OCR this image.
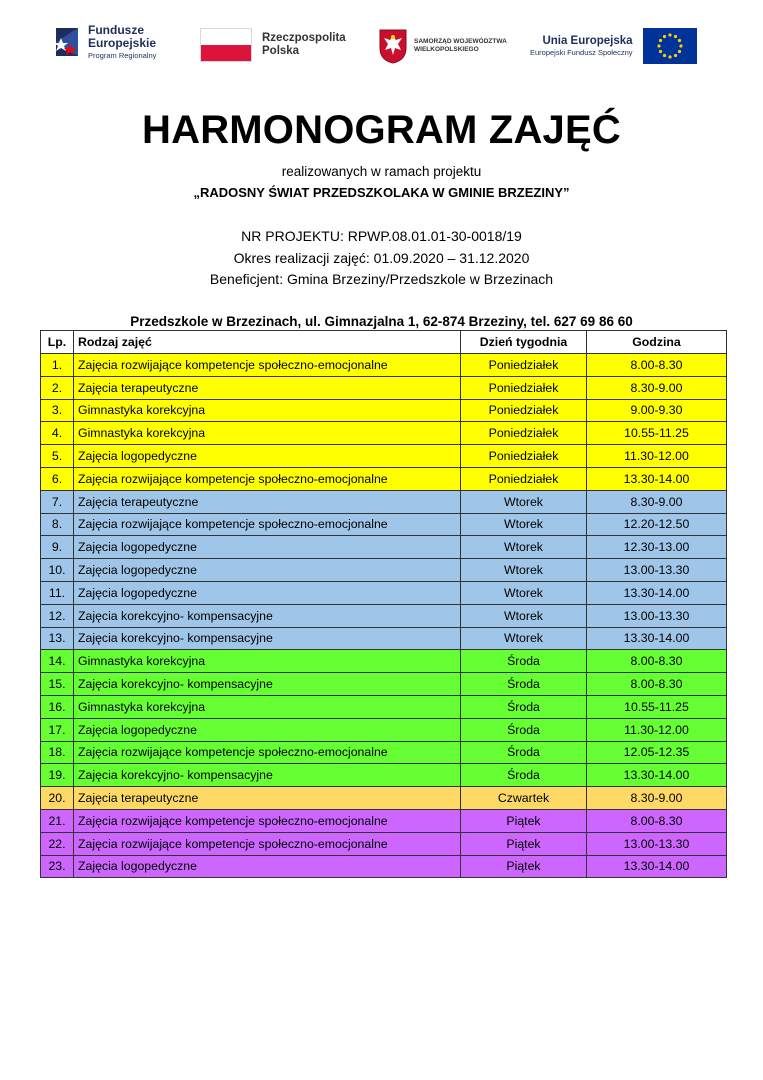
Fundusze
Europejskie
Program Regionalny
Rzeczpospolita
Polska
SAMORZĄD WOJEWÓDZTWA
WIELKOPOLSKIEGO
Unia Europejska
Europejski Fundusz Społeczny
HARMONOGRAM ZAJĘĆ
realizowanych w ramach projektu
„RADOSNY ŚWIAT PRZEDSZKOLAKA W GMINIE BRZEZINY”
NR PROJEKTU: RPWP.08.01.01-30-0018/19
Okres realizacji zajęć: 01.09.2020 – 31.12.2020
Beneficjent: Gmina Brzeziny/Przedszkole w Brzezinach
Przedszkole w Brzezinach, ul. Gimnazjalna 1, 62-874 Brzeziny, tel. 627 69 86 60
Lp.	Rodzaj zajęć	Dzień tygodnia	Godzina
1.	Zajęcia rozwijające kompetencje społeczno-emocjonalne	Poniedziałek	8.00-8.30
2.	Zajęcia terapeutyczne	Poniedziałek	8.30-9.00
3.	Gimnastyka korekcyjna	Poniedziałek	9.00-9.30
4.	Gimnastyka korekcyjna	Poniedziałek	10.55-11.25
5.	Zajęcia logopedyczne	Poniedziałek	11.30-12.00
6.	Zajęcia rozwijające kompetencje społeczno-emocjonalne	Poniedziałek	13.30-14.00
7.	Zajęcia terapeutyczne	Wtorek	8.30-9.00
8.	Zajęcia rozwijające kompetencje społeczno-emocjonalne	Wtorek	12.20-12.50
9.	Zajęcia logopedyczne	Wtorek	12.30-13.00
10.	Zajęcia logopedyczne	Wtorek	13.00-13.30
11.	Zajęcia logopedyczne	Wtorek	13.30-14.00
12.	Zajęcia korekcyjno- kompensacyjne	Wtorek	13.00-13.30
13.	Zajęcia korekcyjno- kompensacyjne	Wtorek	13.30-14.00
14.	Gimnastyka korekcyjna	Środa	8.00-8.30
15.	Zajęcia korekcyjno- kompensacyjne	Środa	8.00-8.30
16.	Gimnastyka korekcyjna	Środa	10.55-11.25
17.	Zajęcia logopedyczne	Środa	11.30-12.00
18.	Zajęcia rozwijające kompetencje społeczno-emocjonalne	Środa	12.05-12.35
19.	Zajęcia korekcyjno- kompensacyjne	Środa	13.30-14.00
20.	Zajęcia terapeutyczne	Czwartek	8.30-9.00
21.	Zajęcia rozwijające kompetencje społeczno-emocjonalne	Piątek	8.00-8.30
22.	Zajęcia rozwijające kompetencje społeczno-emocjonalne	Piątek	13.00-13.30
23.	Zajęcia logopedyczne	Piątek	13.30-14.00
